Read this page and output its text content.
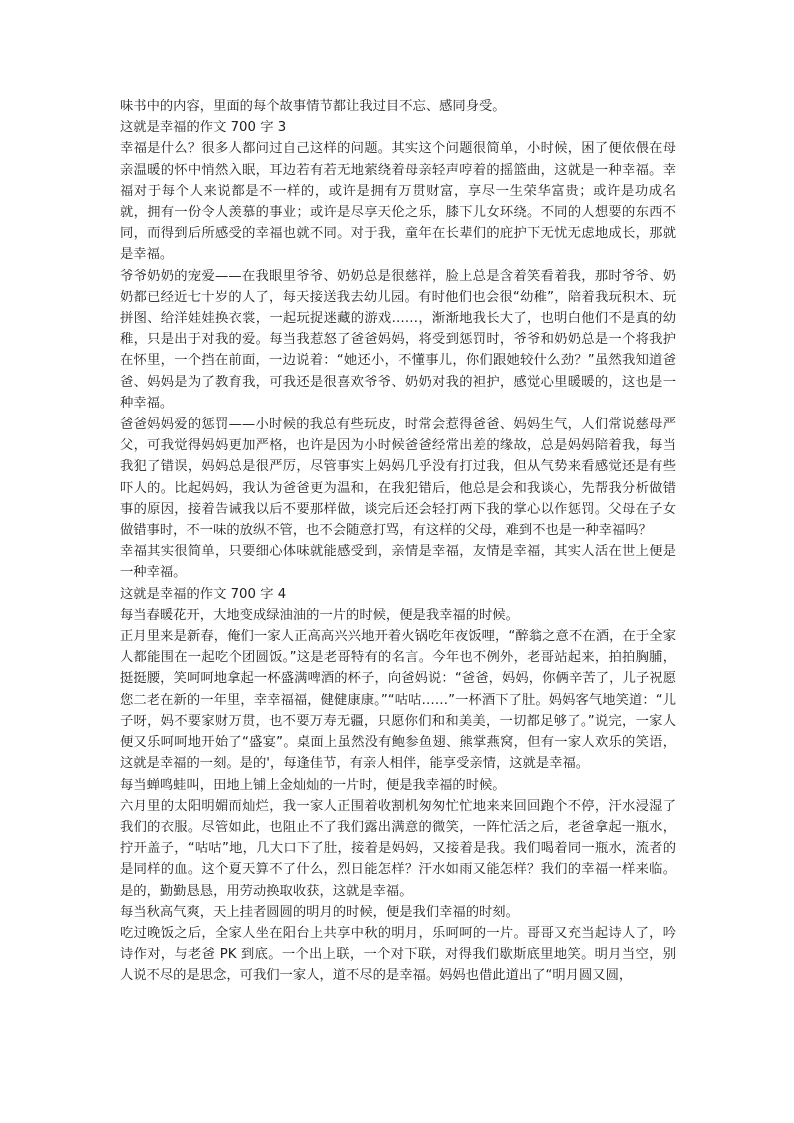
味书中的内容，里面的每个故事情节都让我过目不忘、感同身受。

这就是幸福的作文 700 字 3

幸福是什么？很多人都问过自己这样的问题。其实这个问题很简单，小时候，困了便依偎在母亲温暖的怀中悄然入眠，耳边若有若无地萦绕着母亲轻声哼着的摇篮曲，这就是一种幸福。幸福对于每个人来说都是不一样的，或许是拥有万贯财富，享尽一生荣华富贵；或许是功成名就，拥有一份令人羡慕的事业；或许是尽享天伦之乐，膝下儿女环绕。不同的人想要的东西不同，而得到后所感受的幸福也就不同。对于我，童年在长辈们的庇护下无忧无虑地成长，那就是幸福。

爷爷奶奶的宠爱——在我眼里爷爷、奶奶总是很慈祥，脸上总是含着笑看着我，那时爷爷、奶奶都已经近七十岁的人了，每天接送我去幼儿园。有时他们也会很“幼稚”，陪着我玩积木、玩拼图、给洋娃娃换衣裳，一起玩捉迷藏的游戏……，渐渐地我长大了，也明白他们不是真的幼稚，只是出于对我的爱。每当我惹怒了爸爸妈妈，将受到惩罚时，爷爷和奶奶总是一个将我护在怀里，一个挡在前面，一边说着：“她还小，不懂事儿，你们跟她较什么劲？”虽然我知道爸爸、妈妈是为了教育我，可我还是很喜欢爷爷、奶奶对我的袒护，感觉心里暖暖的，这也是一种幸福。

爸爸妈妈爱的惩罚——小时候的我总有些玩皮，时常会惹得爸爸、妈妈生气，人们常说慈母严父，可我觉得妈妈更加严格，也许是因为小时候爸爸经常出差的缘故，总是妈妈陪着我，每当我犯了错误，妈妈总是很严厉，尽管事实上妈妈几乎没有打过我，但从气势来看感觉还是有些吓人的。比起妈妈，我认为爸爸更为温和，在我犯错后，他总是会和我谈心，先帮我分析做错事的原因，接着告诫我以后不要那样做，谈完后还会轻打两下我的掌心以作惩罚。父母在子女做错事时，不一味的放纵不管，也不会随意打骂，有这样的父母，难到不也是一种幸福吗？

幸福其实很简单，只要细心体味就能感受到，亲情是幸福，友情是幸福，其实人活在世上便是一种幸福。

这就是幸福的作文 700 字 4

每当春暖花开，大地变成绿油油的一片的时候，便是我幸福的时候。

正月里来是新春，俺们一家人正高高兴兴地开着火锅吃年夜饭哩，“醉翁之意不在酒，在于全家人都能围在一起吃个团圆饭。”这是老哥特有的名言。今年也不例外，老哥站起来，拍拍胸脯，挺挺腰，笑呵呵地拿起一杯盛满啤酒的杯子，向爸妈说：“爸爸，妈妈，你俩辛苦了，儿子祝愿您二老在新的一年里，幸幸福福，健健康康。”“咕咕……”一杯酒下了肚。妈妈客气地笑道：“儿子呀，妈不要家财万贯，也不要万寿无疆，只愿你们和和美美，一切都足够了。”说完，一家人便又乐呵呵地开始了“盛宴”。桌面上虽然没有鲍参鱼翅、熊掌燕窝，但有一家人欢乐的笑语，这就是幸福的一刻。是的'，每逢佳节，有亲人相伴，能享受亲情，这就是幸福。

每当蝉鸣蛙叫，田地上铺上金灿灿的一片时，便是我幸福的时候。

六月里的太阳明媚而灿烂，我一家人正围着收割机匆匆忙忙地来来回回跑个不停，汗水浸湿了我们的衣服。尽管如此，也阻止不了我们露出满意的微笑，一阵忙活之后，老爸拿起一瓶水，拧开盖子，“咕咕”地，几大口下了肚，接着是妈妈，又接着是我。我们喝着同一瓶水，流者的是同样的血。这个夏天算不了什么，烈日能怎样？汗水如雨又能怎样？我们的幸福一样来临。是的，勤勤恳恳，用劳动换取收获，这就是幸福。

每当秋高气爽，天上挂者圆圆的明月的时候，便是我们幸福的时刻。

吃过晚饭之后，全家人坐在阳台上共享中秋的明月，乐呵呵的一片。哥哥又充当起诗人了，吟诗作对，与老爸 PK 到底。一个出上联，一个对下联，对得我们歇斯底里地笑。明月当空，别人说不尽的是思念，可我们一家人，道不尽的是幸福。妈妈也借此道出了“明月圆又圆，
